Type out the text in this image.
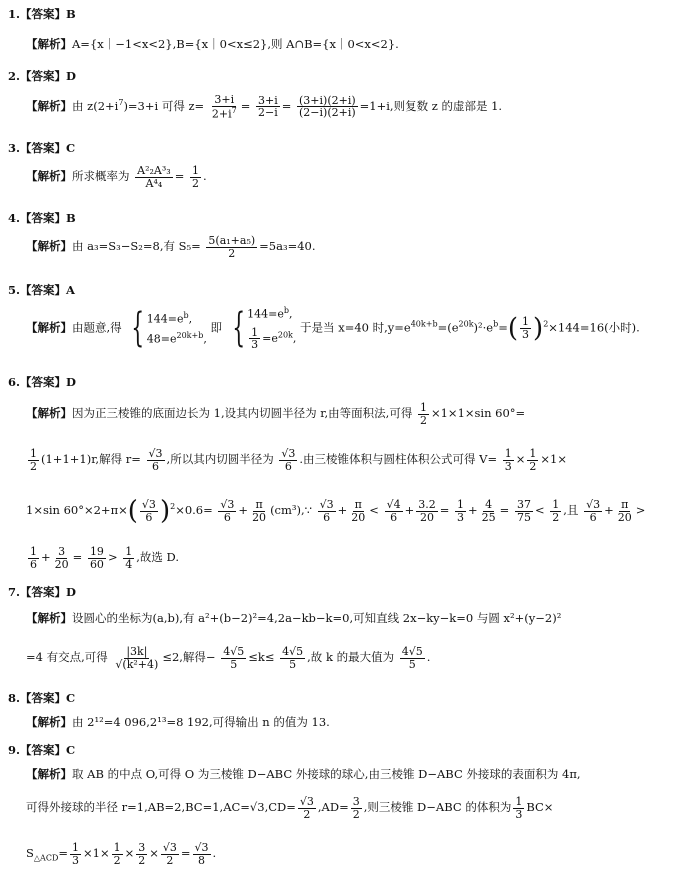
1.【答案】B
【解析】A={x｜−1<x<2},B={x｜0<x≤2},则 A∩B={x｜0<x<2}.
2.【答案】D
【解析】由 $z(2+i^7)=3+i$ 可得 $z= \frac{3+i}{2+i^7} = \frac{3+i}{2-i} = \frac{(3+i)(2+i)}{(2-i)(2+i)} =1+i$,则复数 z 的虚部是 1.
3.【答案】C
【解析】所求概率为 $\frac{\text{A²₂A³₃}}{\text{A⁴₄}} = \frac{1}{2}$ .
4.【答案】B
【解析】由 a₃=S₃−S₂=8,有 $S_5= \frac{\text{5(a₁+a₅)}}{2} =5a_3=40$.
5.【答案】A
【解析】由题意,得 { $144=e^b$,
$48=e^{20k+b}$,
即 { $144=e^b$,
$\frac{1}{3} =e^{20k}$,
于是当 x=40 时$,y=e^{40k+b}=(e^{20k})^2\cdot e^b=( \frac{1}{3} )^2\times 144=16$(小时).
6.【答案】D
【解析】因为正三棱锥的底面边长为 1,设其内切圆半径为 r,由等面积法,可得 $\frac{1}{2} \times 1\times 1\times\sin$ 60°=
$\frac{1}{2} (1+1+1)r$,解得 $r= \frac{√3}{6}$ ,所以其内切圆半径为 $\frac{√3}{6}$ .由三棱锥体积与圆柱体积公式可得 $V= \frac{1}{3} \times \frac{1}{2} \times 1\times$
1×sin $60^\circ\times 2+\pi\times( \frac{√3}{6} )^2\times 0.6= \frac{√3}{6} + \frac{\pi}{20}$ (cm³),∵ $\frac{√3}{6} + \frac{\pi}{20} < \frac{√4}{6} + \frac{3.2}{20} = \frac{1}{3} + \frac{4}{25} = \frac{37}{75} < \frac{1}{2}$ ,且 $\frac{√3}{6} + \frac{\pi}{20}$ >
$\frac{1}{6} + \frac{3}{20} = \frac{19}{60} > \frac{1}{4}$ ,故选 D.
7.【答案】D
【解析】设圆心的坐标为(a,b),有 a²+(b−2)²=4,2a−kb−k=0,可知直线 2x−ky−k=0 与圆 x²+(y−2)²
=4 有交点,可得 $\frac{|3k|}{\text{√(k²+4)}} \le 2$,解得− $\frac{4√5}{5} \le k\le \frac{4√5}{5}$ ,故 k 的最大值为 $\frac{4√5}{5}$ .
8.【答案】C
【解析】由 2¹²=4 096,2¹³=8 192,可得输出 n 的值为 13.
9.【答案】C
【解析】取 AB 的中点 O,可得 O 为三棱锥 D−ABC 外接球的球心,由三棱锥 D−ABC 外接球的表面积为 4π,
可得外接球的半径 $r=1,AB=2,BC=1,AC=√3,CD= \frac{√3}{2} ,AD= \frac{3}{2}$ ,则三棱锥 D−ABC 的体积为 $\frac{1}{3} BC\times$
$S_{\triangle ACD}= \frac{1}{3} \times 1\times \frac{1}{2} \times \frac{3}{2} \times \frac{√3}{2} = \frac{√3}{8}$ .
